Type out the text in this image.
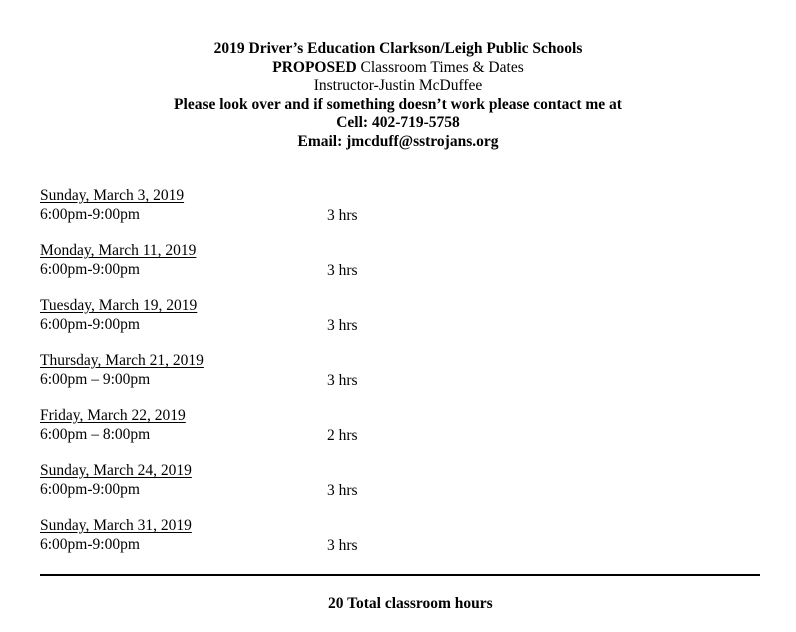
2019 Driver’s Education Clarkson/Leigh Public Schools
PROPOSED Classroom Times & Dates
Instructor-Justin McDuffee
Please look over and if something doesn’t work please contact me at
Cell: 402-719-5758
Email: jmcduff@sstrojans.org
Sunday, March 3, 2019
6:00pm-9:00pm	3 hrs
Monday, March 11, 2019
6:00pm-9:00pm	3 hrs
Tuesday, March 19, 2019
6:00pm-9:00pm	3 hrs
Thursday, March 21, 2019
6:00pm – 9:00pm	3 hrs
Friday, March 22, 2019
6:00pm – 8:00pm	2 hrs
Sunday, March 24, 2019
6:00pm-9:00pm	3 hrs
Sunday, March 31, 2019
6:00pm-9:00pm	3 hrs
20 Total classroom hours
